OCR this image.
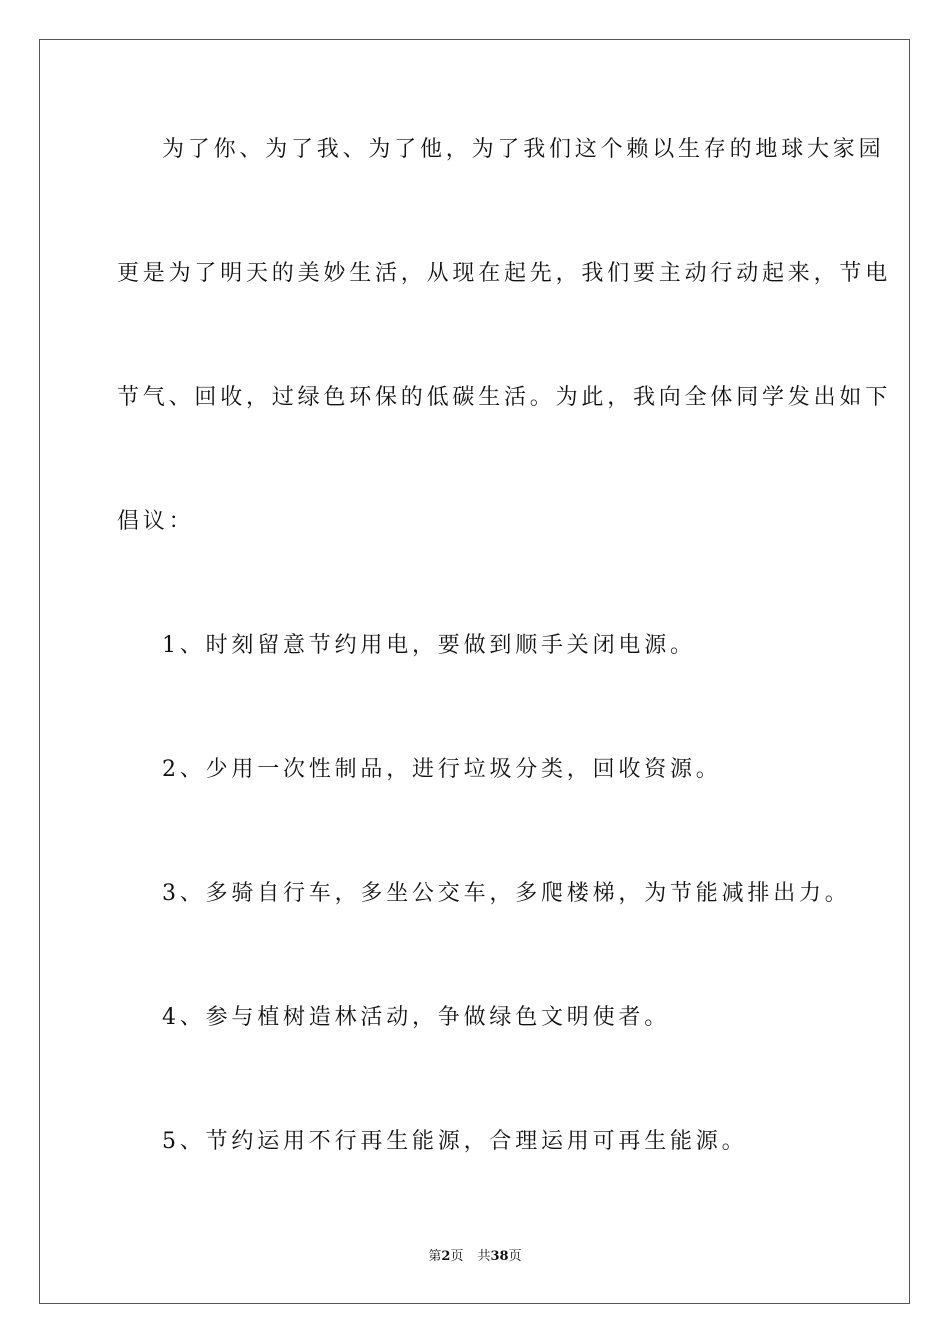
为了你、为了我、为了他，为了我们这个赖以生存的地球大家园
更是为了明天的美妙生活，从现在起先，我们要主动行动起来，节电
节气、回收，过绿色环保的低碳生活。为此，我向全体同学发出如下
倡议：
1、时刻留意节约用电，要做到顺手关闭电源。
2、少用一次性制品，进行垃圾分类，回收资源。
3、多骑自行车，多坐公交车，多爬楼梯，为节能减排出力。
4、参与植树造林活动，争做绿色文明使者。
5、节约运用不行再生能源，合理运用可再生能源。
第2页 共38页
